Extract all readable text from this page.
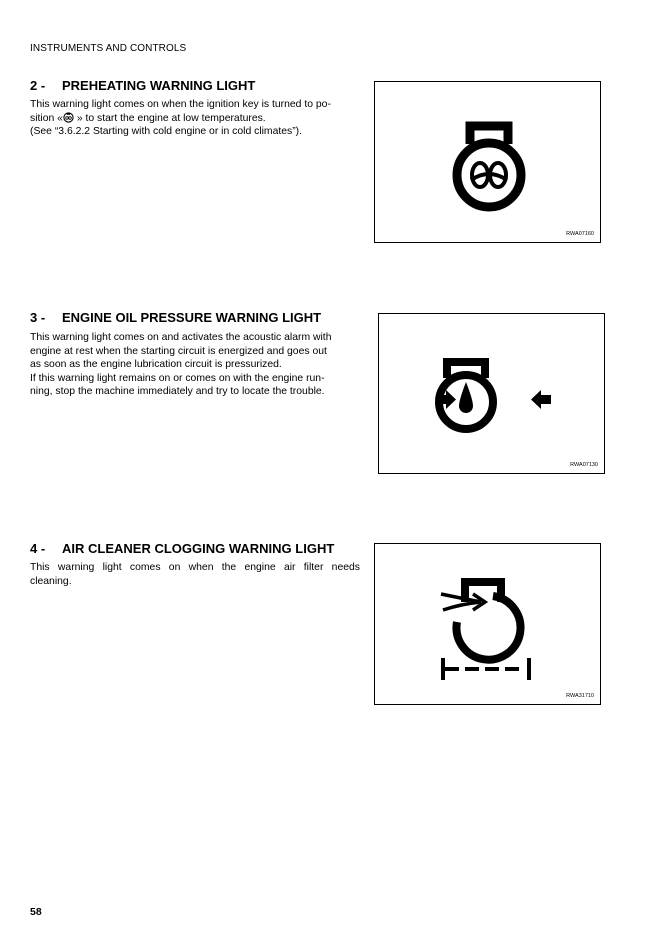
INSTRUMENTS AND CONTROLS
2 - PREHEATING WARNING LIGHT

This warning light comes on when the ignition key is turned to po-

sition « » to start the engine at low temperatures.

(See “3.6.2.2 Starting with cold engine or in cold climates”).

RWA07160
3 - ENGINE OIL PRESSURE WARNING LIGHT

This warning light comes on and activates the acoustic alarm with

engine at rest when the starting circuit is energized and goes out

as soon as the engine lubrication circuit is pressurized.

If this warning light remains on or comes on with the engine run-

ning, stop the machine immediately and try to locate the trouble.

RWA07130
4 - AIR CLEANER CLOGGING WARNING LIGHT

This warning light comes on when the engine air filter needs

cleaning.

RWA31710
58
